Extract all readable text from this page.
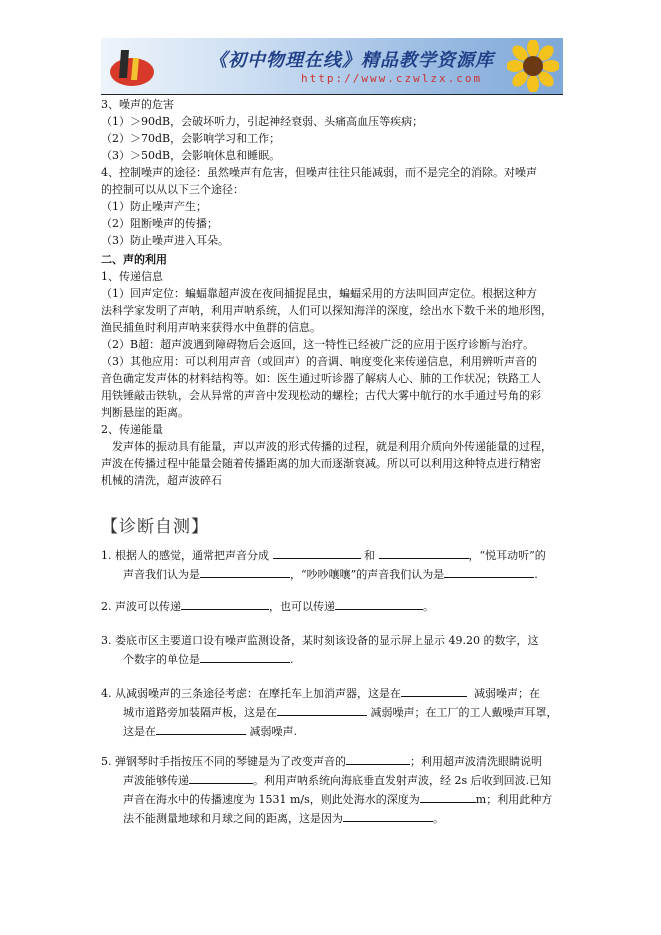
《初中物理在线》精品教学资源库
http://www.czwlzx.com

3、噪声的危害

（1）＞90dB，会破坏听力，引起神经衰弱、头痛高血压等疾病；

（2）＞70dB，会影响学习和工作；

（3）＞50dB，会影响休息和睡眠。

4、控制噪声的途径：虽然噪声有危害，但噪声往往只能减弱，而不是完全的消除。对噪声

的控制可以从以下三个途径：

（1）防止噪声产生；

（2）阻断噪声的传播；

（3）防止噪声进入耳朵。

二、声的利用

1、传递信息

（1）回声定位：蝙蝠靠超声波在夜间捕捉昆虫，蝙蝠采用的方法叫回声定位。根据这种方

法科学家发明了声呐，利用声呐系统，人们可以探知海洋的深度，绘出水下数千米的地形图，

渔民捕鱼时利用声呐来获得水中鱼群的信息。

（2）B超：超声波遇到障碍物后会返回，这一特性已经被广泛的应用于医疗诊断与治疗。

（3）其他应用：可以利用声音（或回声）的音调、响度变化来传递信息，利用辨听声音的

音色确定发声体的材料结构等。如：医生通过听诊器了解病人心、肺的工作状况；铁路工人

用铁锤敲击铁轨，会从异常的声音中发现松动的螺栓；古代大雾中航行的水手通过号角的彩

判断悬崖的距离。

2、传递能量

　发声体的振动具有能量，声以声波的形式传播的过程，就是利用介质向外传递能量的过程，

声波在传播过程中能量会随着传播距离的加大而逐渐衰减。所以可以利用这种特点进行精密

机械的清洗，超声波碎石

【诊断自测】

1. 根据人的感觉，通常把声音分成	和	，“悦耳动听”的

声音我们认为是	，“吵吵嚷嚷”的声音我们认为是	.

2. 声波可以传递	，也可以传递	。

3. 娄底市区主要道口设有噪声监测设备，某时刻该设备的显示屏上显示 49.20 的数字，这

个数字的单位是	.

4. 从减弱噪声的三条途径考虑：在摩托车上加消声器，这是在	减弱噪声；在

城市道路旁加装隔声板，这是在	减弱噪声；在工厂的工人戴噪声耳罩，

这是在	减弱噪声.

5. 弹钢琴时手指按压不同的琴键是为了改变声音的	；利用超声波清洗眼睛说明

声波能够传递	。利用声呐系统向海底垂直发射声波，经 2s 后收到回波.已知

声音在海水中的传播速度为 1531 m/s，则此处海水的深度为	m；利用此种方

法不能测量地球和月球之间的距离，这是因为	。
